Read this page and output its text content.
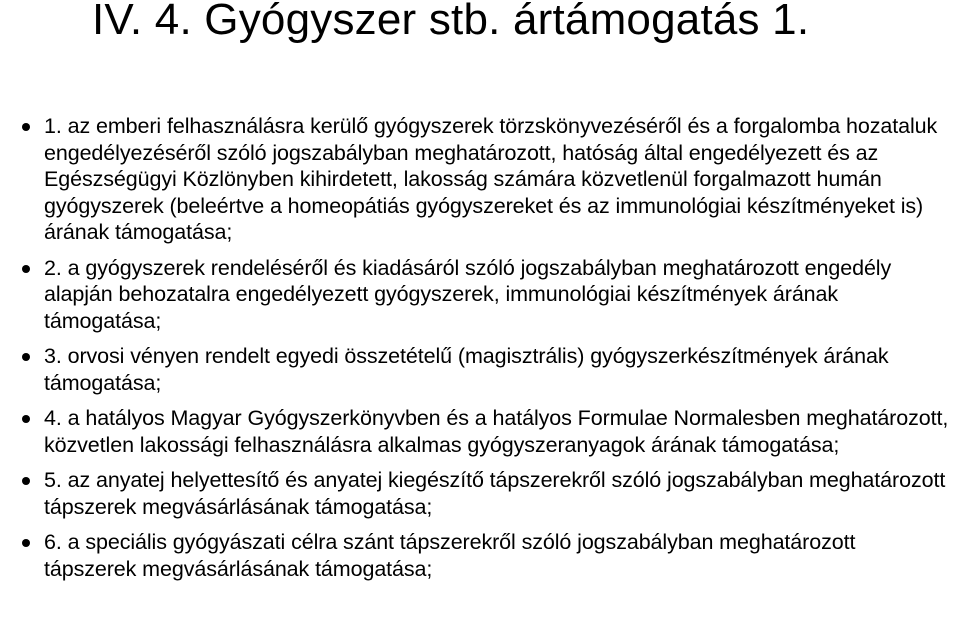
IV. 4. Gyógyszer stb. ártámogatás 1.
1. az emberi felhasználásra kerülő gyógyszerek törzskönyvezéséről és a forgalomba hozataluk engedélyezéséről szóló jogszabályban meghatározott, hatóság által engedélyezett és az Egészségügyi Közlönyben kihirdetett, lakosság számára közvetlenül forgalmazott humán gyógyszerek (beleértve a homeopátiás gyógyszereket és az immunológiai készítményeket is) árának támogatása;
2. a gyógyszerek rendeléséről és kiadásáról szóló jogszabályban meghatározott engedély alapján behozatalra engedélyezett gyógyszerek, immunológiai készítmények árának támogatása;
3. orvosi vényen rendelt egyedi összetételű (magisztrális) gyógyszerkészítmények árának támogatása;
4. a hatályos Magyar Gyógyszerkönyvben és a hatályos Formulae Normalesben meghatározott, közvetlen lakossági felhasználásra alkalmas gyógyszeranyagok árának támogatása;
5. az anyatej helyettesítő és anyatej kiegészítő tápszerekről szóló jogszabályban meghatározott tápszerek megvásárlásának támogatása;
6. a speciális gyógyászati célra szánt tápszerekről szóló jogszabályban meghatározott tápszerek megvásárlásának támogatása;
